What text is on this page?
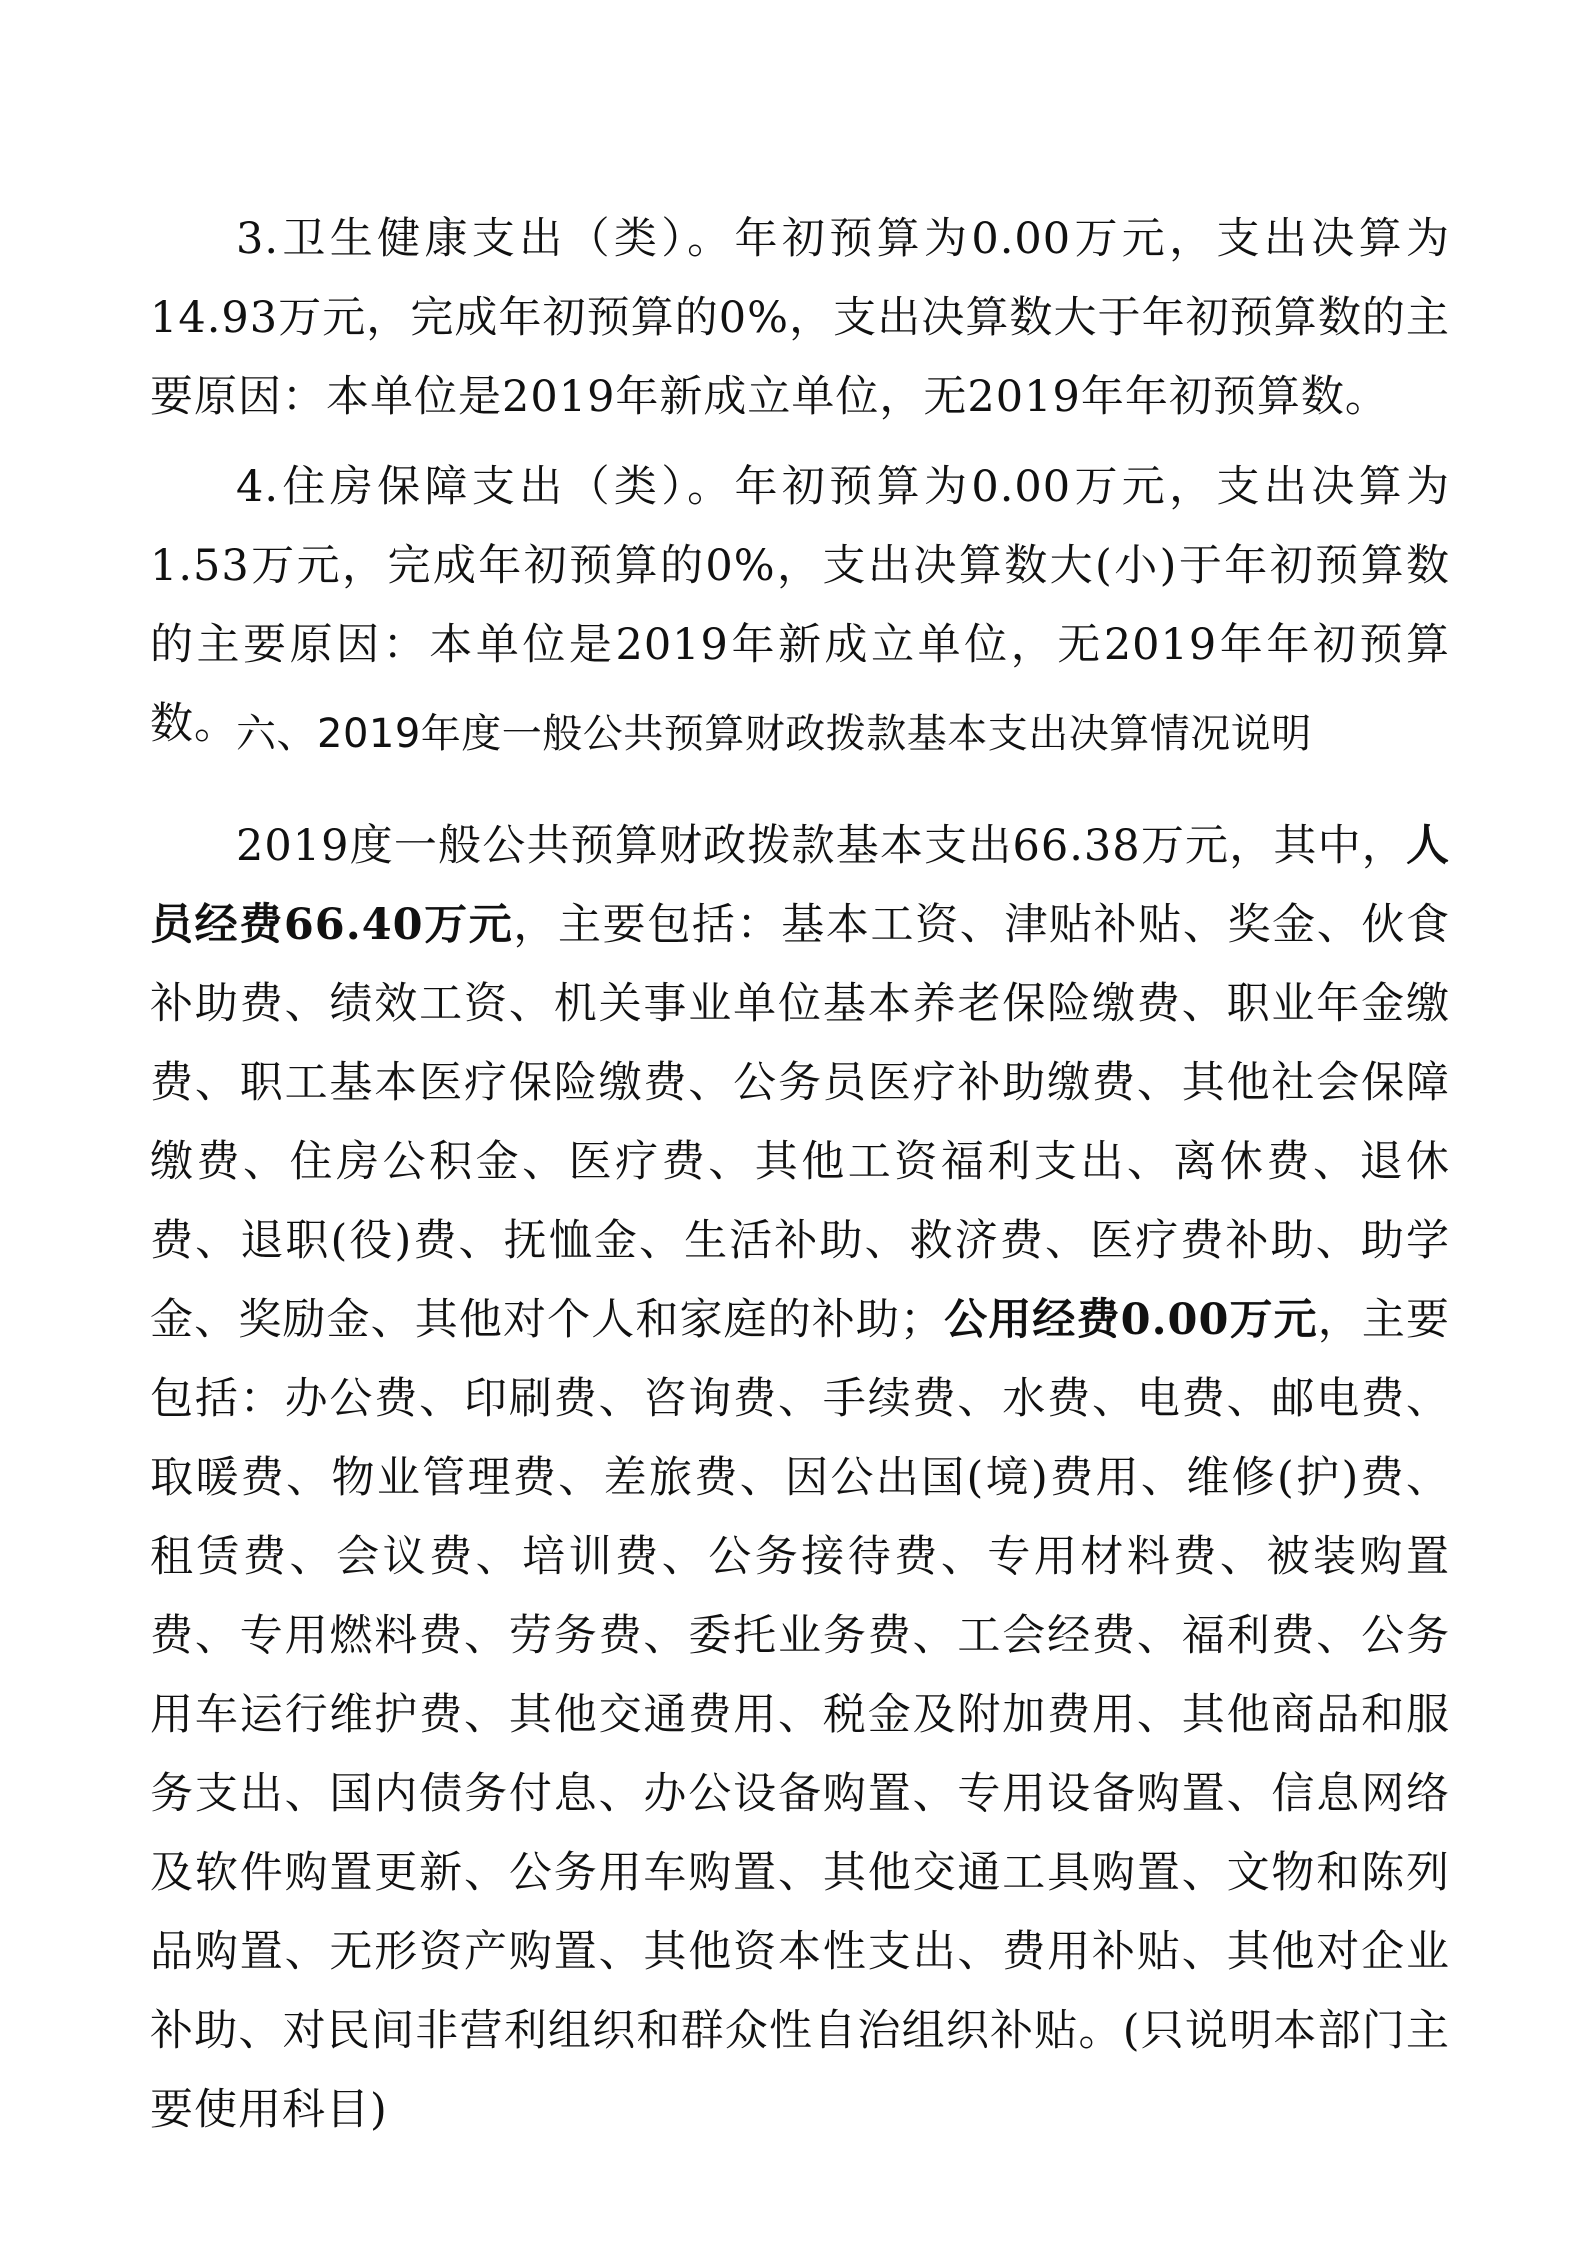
3.卫生健康支出（类）。年初预算为0.00万元，支出决算为14.93万元，完成年初预算的0%，支出决算数大于年初预算数的主要原因：本单位是2019年新成立单位，无2019年年初预算数。

4.住房保障支出（类）。年初预算为0.00万元，支出决算为1.53万元，完成年初预算的0%，支出决算数大(小)于年初预算数的主要原因：本单位是2019年新成立单位，无2019年年初预算数。

六、2019年度一般公共预算财政拨款基本支出决算情况说明

2019度一般公共预算财政拨款基本支出66.38万元，其中，人员经费66.40万元，主要包括：基本工资、津贴补贴、奖金、伙食补助费、绩效工资、机关事业单位基本养老保险缴费、职业年金缴费、职工基本医疗保险缴费、公务员医疗补助缴费、其他社会保障缴费、住房公积金、医疗费、其他工资福利支出、离休费、退休费、退职(役)费、抚恤金、生活补助、救济费、医疗费补助、助学金、奖励金、其他对个人和家庭的补助；公用经费0.00万元，主要包括：办公费、印刷费、咨询费、手续费、水费、电费、邮电费、取暖费、物业管理费、差旅费、因公出国(境)费用、维修(护)费、租赁费、会议费、培训费、公务接待费、专用材料费、被装购置费、专用燃料费、劳务费、委托业务费、工会经费、福利费、公务用车运行维护费、其他交通费用、税金及附加费用、其他商品和服务支出、国内债务付息、办公设备购置、专用设备购置、信息网络及软件购置更新、公务用车购置、其他交通工具购置、文物和陈列品购置、无形资产购置、其他资本性支出、费用补贴、其他对企业补助、对民间非营利组织和群众性自治组织补贴。(只说明本部门主要使用科目)
